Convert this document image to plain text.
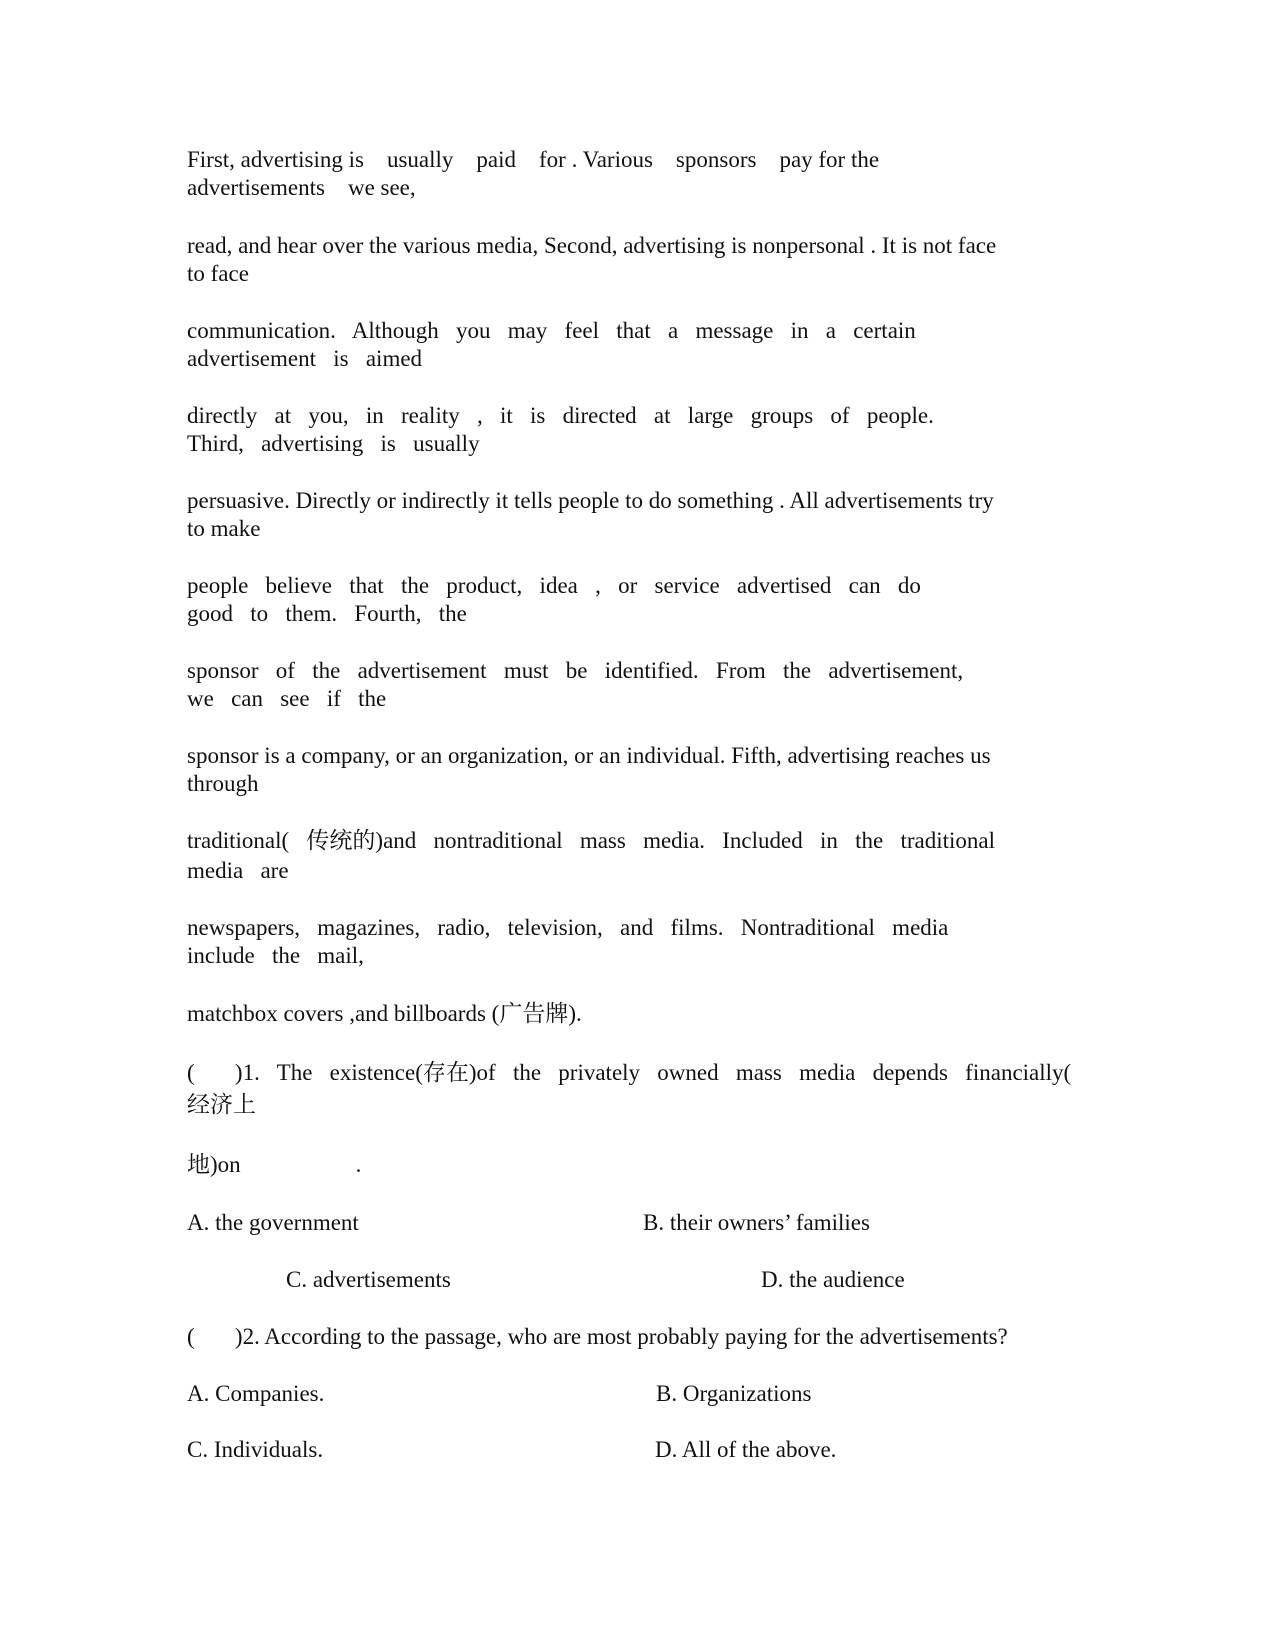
First, advertising is    usually    paid    for . Various    sponsors    pay for the

advertisements    we see,

read, and hear over the various media, Second, advertising is nonpersonal . It is not face

to face

communication.   Although   you   may   feel   that   a   message   in   a   certain

advertisement   is   aimed

directly   at   you,   in   reality   ,   it   is   directed   at   large   groups   of   people.

Third,   advertising   is   usually

persuasive. Directly or indirectly it tells people to do something . All advertisements try

to make

people   believe   that   the   product,   idea   ,   or   service   advertised   can   do

good   to   them.   Fourth,   the

sponsor   of   the   advertisement   must   be   identified.   From   the   advertisement,

we   can   see   if   the

sponsor is a company, or an organization, or an individual. Fifth, advertising reaches us

through

traditional(   传统的)and   nontraditional   mass   media.   Included   in   the   traditional

media   are

newspapers,   magazines,   radio,   television,   and   films.   Nontraditional   media

include   the   mail,

matchbox covers ,and billboards (广告牌).

(       )1.   The   existence(存在)of   the   privately   owned   mass   media   depends   financially(
经济上
地)on                    .
A. the government	B. their owners’ families
C. advertisements	D. the audience
(       )2. According to the passage, who are most probably paying for the advertisements?
A. Companies.	B. Organizations
C. Individuals.	D. All of the above.
